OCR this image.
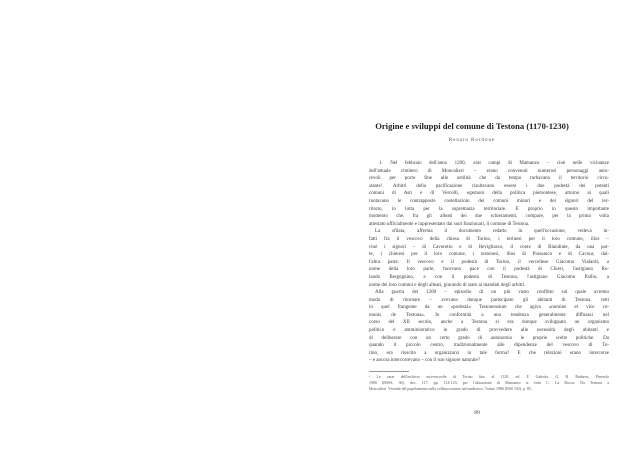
Origine e sviluppi del comune di Testona (1170-1230)
Renato Bordone
1. Nel febbraio dell'anno 1200, erat campi di Mamanzo – cioè nelle vicinanze
dell'attuale cimitero di Moncalieri – erano convenuti numerosi personaggi auto-
revoli per porre fine alle ostilità che da tempo turbavano il territorio circo-
stante¹. Arbitri della pacificazione risultavano essere i due podestà dei potenti
comuni di Asti e di Vercelli, egemoni della politica piemontese, attorno ai quali
ruotavano le contrapposte costellazioni dei comuni minori e dei signori del ter-
ritorio, in lotta per la supremazia territoriale. È proprio in questo importante
momento che, fra gli alleati dei due schieramenti, compare, per la prima volta
attestato ufficialmente e rappresentato dai suoi funzionari, il comune di Testona.
La sfilata, afferma il documento redatto in quell'occasione, vedeva in-
fatti fra il vescovo della chiesa di Torino, i torinesi per il loro comune, illos –
cioè i signori – di Cavoretto e di Revigliasco, il conte di Biandrate, da una par-
te, i chieresi per il loro comune, i testonesi, illos di Piossasco e di Cavour, dal-
l'altra parte. Il vescovo e il podestà di Torino, il vercellese Giacomo Vialardi, a
nome della loro parte, facevano pace con il podestà di Chieri, l'astigiano Ro-
lando Bergognino, e con il podestà di Testona, l'astigiano Giacomo Pallio, a
nome dei loro comuni e degli alleati, giurando di stare ai mandati degli arbitri.
Alla guerra del 1200 – episodio di un più vasto conflitto sul quale avremo
modo di ritornare – avevano dunque partecipato gli abitanti di Testona, retti
in quel frangente da un «podestà» Testonensium che agiva «nomine et vice co-
munis de Testona». In conformità a una tendenza generalmente diffusasi nel
corso del XII secolo, anche a Testona si era dunque sviluppato un organismo
politico e amministrativo in grado di provvedere alle necessità degli abitanti e
di deliberare con un certo grado di autonomia le proprie scelte politiche. Da
quando il piccolo centro, tradizionalmente alle dipendenze del vescovo di To-
rino, era riuscito a organizzarsi in tale forma? E che relazioni erano intercorse
– e ancora intercorrevano – con il suo signore naturale?
¹ Le carte dell'archivio arcivescovile di Torino fino al 1310, ed. F. Gabotto, G. B. Barberis, Pinerolo
1906 (BSSS, 36), doc. 117, pp. 114-123; per l'ubicazione di Mamanzo si veda C. La Rocca, Da Testona a
Moncalieri. Vicende del popolamento sulla collina torinese nel medioevo, Torino 1986 (BSS 192), p. 85.
89
